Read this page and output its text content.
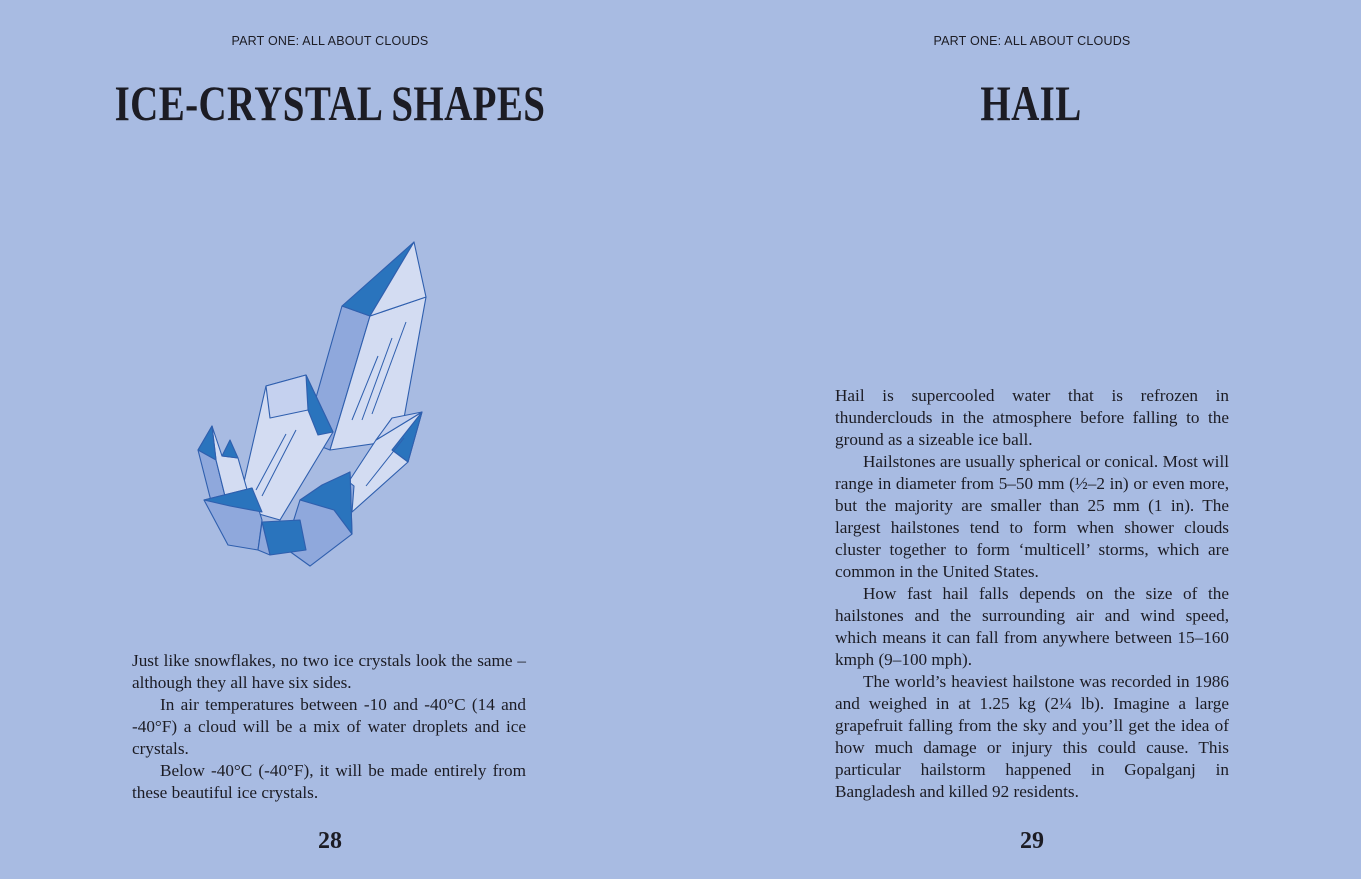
PART ONE: ALL ABOUT CLOUDS
ICE-CRYSTAL SHAPES

Just like snowflakes, no two ice crystals look the same – although they all have six sides.

In air temperatures between -10 and -40°C (14 and -40°F) a cloud will be a mix of water droplets and ice crystals.

Below -40°C (-40°F), it will be made entirely from these beautiful ice crystals.

28
PART ONE: ALL ABOUT CLOUDS
HAIL

Hail is supercooled water that is refrozen in thunderclouds in the atmosphere before falling to the ground as a sizeable ice ball.

Hailstones are usually spherical or conical. Most will range in diameter from 5–50 mm (½–2 in) or even more, but the majority are smaller than 25 mm (1 in). The largest hailstones tend to form when shower clouds cluster together to form ‘multicell’ storms, which are common in the United States.

How fast hail falls depends on the size of the hailstones and the surrounding air and wind speed, which means it can fall from anywhere between 15–160 kmph (9–100 mph).

The world’s heaviest hailstone was recorded in 1986 and weighed in at 1.25 kg (2¼ lb). Imagine a large grapefruit falling from the sky and you’ll get the idea of how much damage or injury this could cause. This particular hailstorm happened in Gopalganj in Bangladesh and killed 92 residents.

29
